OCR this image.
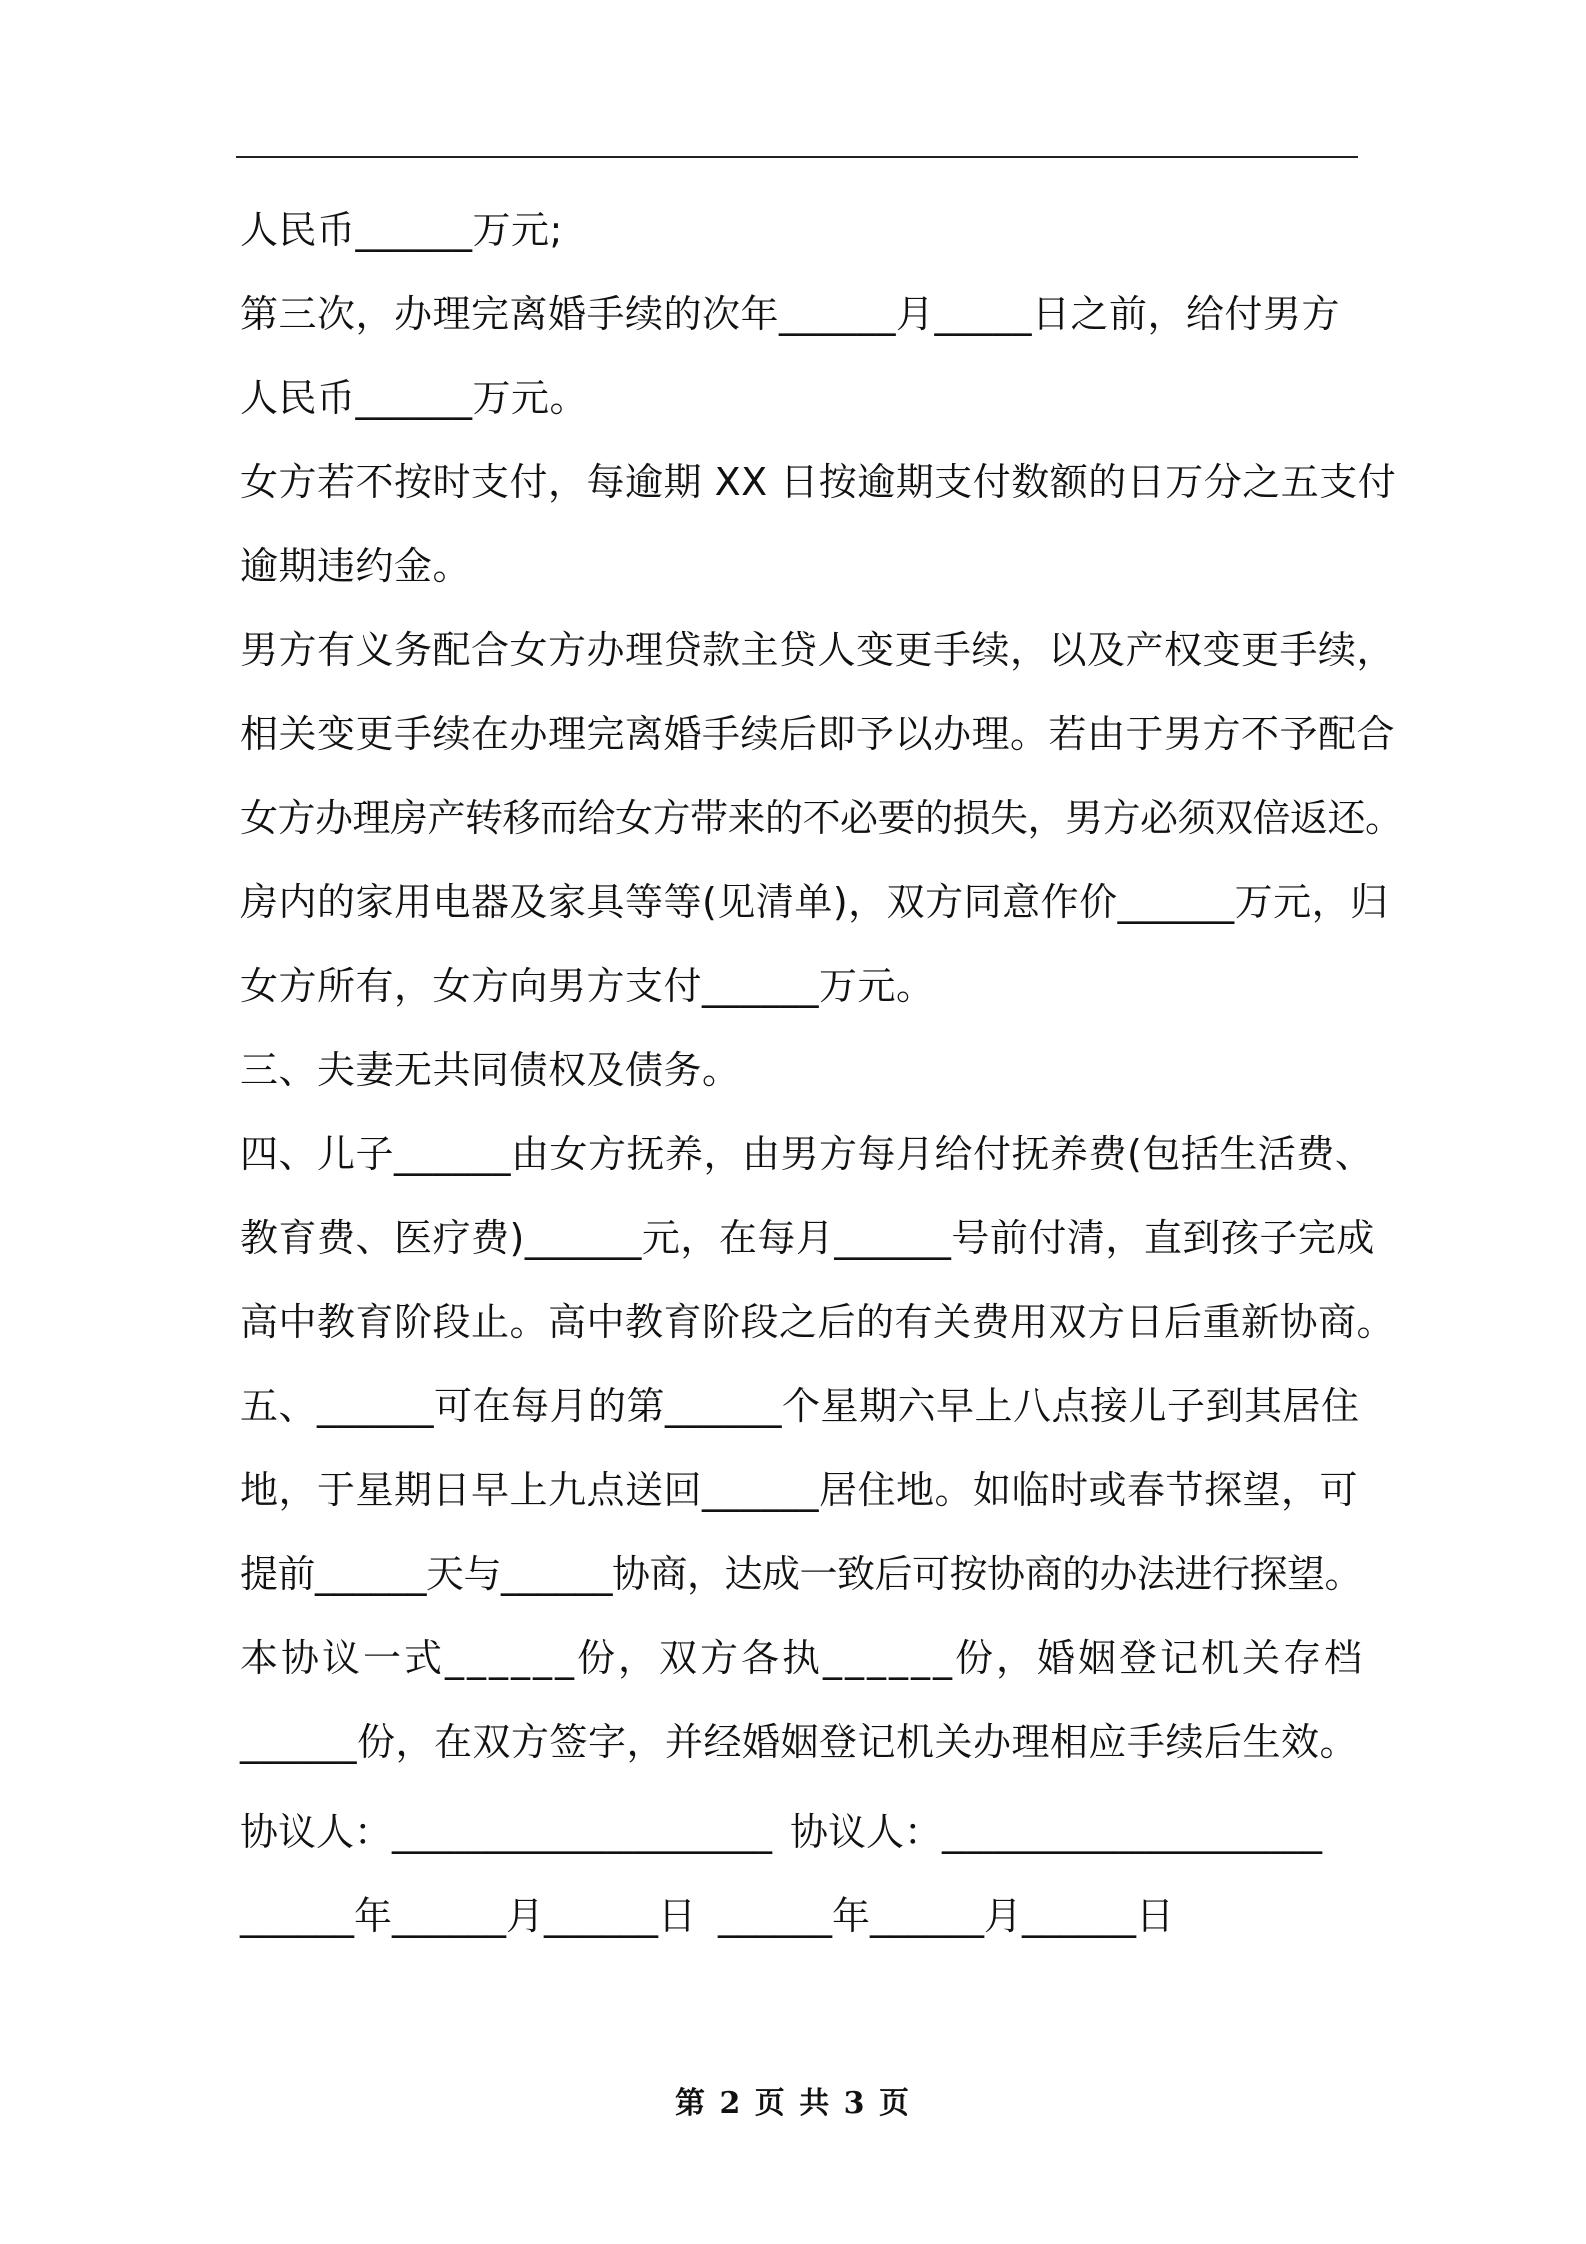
人民币______万元;
第三次，办理完离婚手续的次年______月_____日之前，给付男方
人民币______万元。
女方若不按时支付，每逾期 XX 日按逾期支付数额的日万分之五支付
逾期违约金。
男方有义务配合女方办理贷款主贷人变更手续，以及产权变更手续，
相关变更手续在办理完离婚手续后即予以办理。若由于男方不予配合
女方办理房产转移而给女方带来的不必要的损失，男方必须双倍返还。
房内的家用电器及家具等等(见清单)，双方同意作价______万元，归
女方所有，女方向男方支付______万元。
三、夫妻无共同债权及债务。
四、儿子______由女方抚养，由男方每月给付抚养费(包括生活费、
教育费、医疗费)______元，在每月______号前付清，直到孩子完成
高中教育阶段止。高中教育阶段之后的有关费用双方日后重新协商。
五、______可在每月的第______个星期六早上八点接儿子到其居住
地，于星期日早上九点送回______居住地。如临时或春节探望，可
提前______天与______协商，达成一致后可按协商的办法进行探望。
本协议一式______份，双方各执______份，婚姻登记机关存档
______份，在双方签字，并经婚姻登记机关办理相应手续后生效。
协议人：____________________ 协议人：____________________
______年______月______日 ______年______月______日
第 2 页 共 3 页
